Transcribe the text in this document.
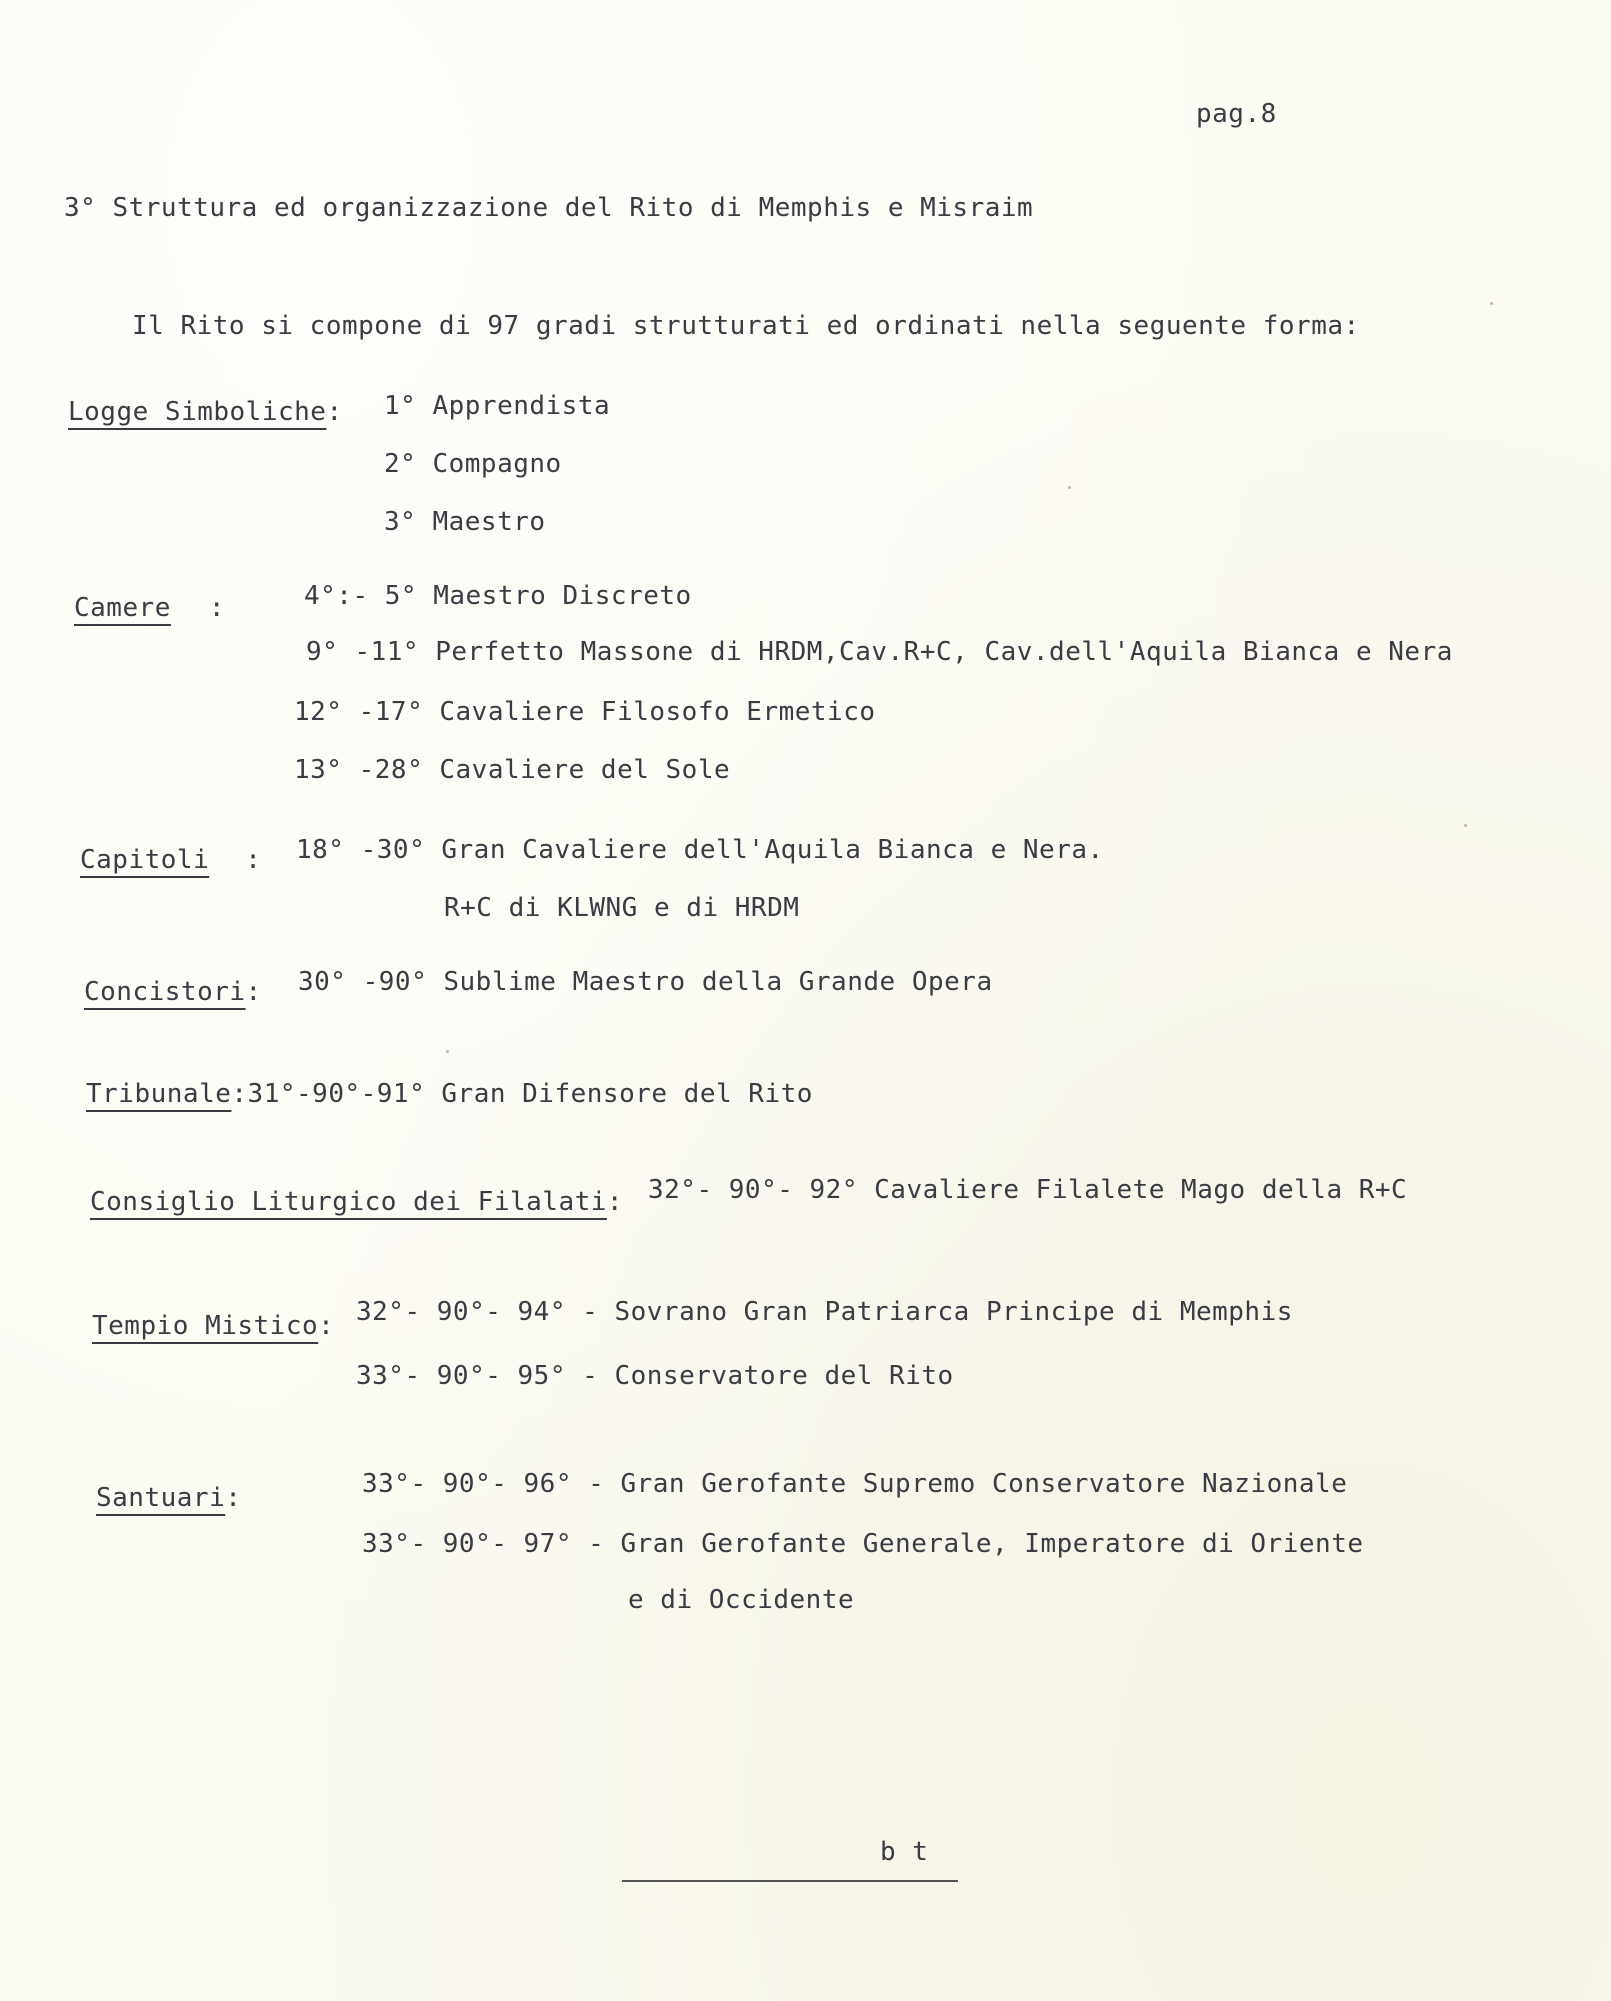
pag.8
3° Struttura ed organizzazione del Rito di Memphis e Misraim
Il Rito si compone di 97 gradi strutturati ed ordinati nella seguente forma:
Logge Simboliche: 1° Apprendista
2° Compagno
3° Maestro
Camere :	4°:- 5° Maestro Discreto
9° -11° Perfetto Massone di HRDM,Cav.R+C, Cav.dell'Aquila Bianca e Nera
12° -17° Cavaliere Filosofo Ermetico
13° -28° Cavaliere del Sole
Capitoli : 18° -30° Gran Cavaliere dell'Aquila Bianca e Nera.
R+C di KLWNG e di HRDM
Concistori: 30° -90° Sublime Maestro della Grande Opera
Tribunale:31°-90°-91° Gran Difensore del Rito
Consiglio Liturgico dei Filalati: 32°- 90°- 92° Cavaliere Filalete Mago della R+C
Tempio Mistico: 32°- 90°- 94° - Sovrano Gran Patriarca Principe di Memphis
33°- 90°- 95° - Conservatore del Rito
Santuari:	33°- 90°- 96° - Gran Gerofante Supremo Conservatore Nazionale
33°- 90°- 97° - Gran Gerofante Generale, Imperatore di Oriente
e di Occidente
b t
